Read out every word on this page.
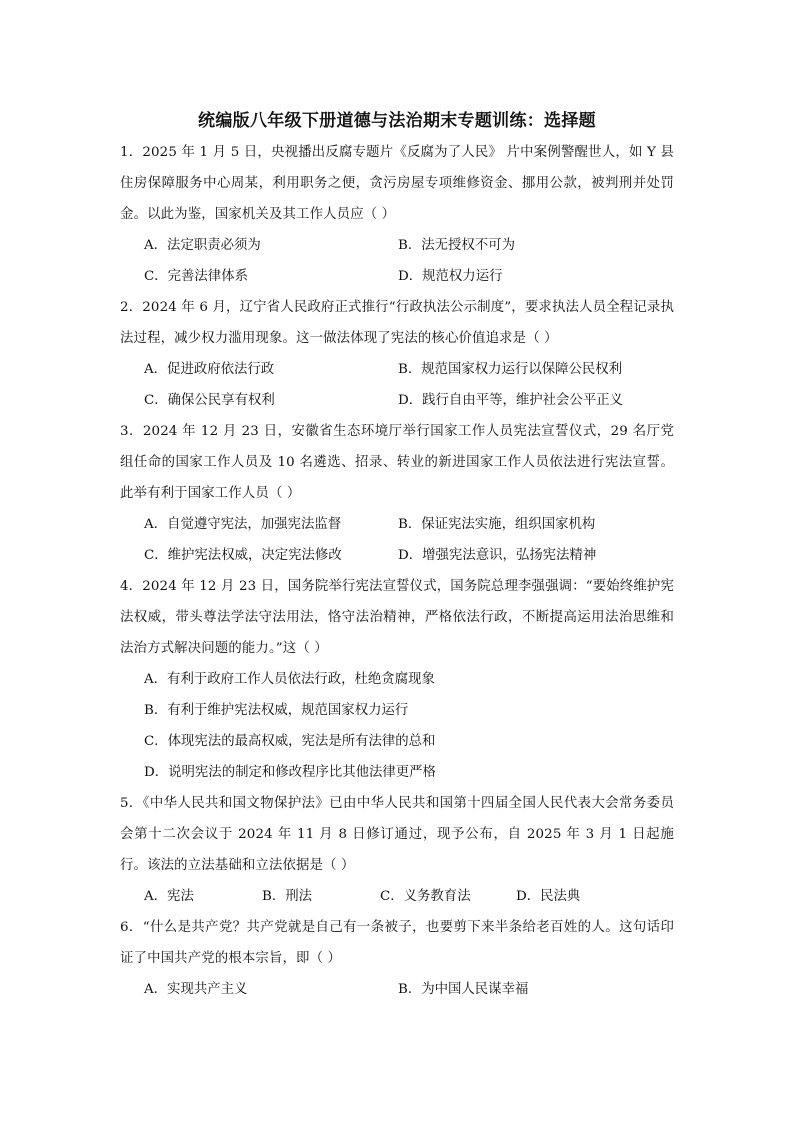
统编版八年级下册道德与法治期末专题训练：选择题
1．2025 年 1 月 5 日，央视播出反腐专题片《反腐为了人民》 片中案例警醒世人，如 Y 县住房保障服务中心周某，利用职务之便，贪污房屋专项维修资金、挪用公款，被判刑并处罚金。以此为鉴，国家机关及其工作人员应（ ）
A．法定职责必须为	B．法无授权不可为
C．完善法律体系	D．规范权力运行
2．2024 年 6 月，辽宁省人民政府正式推行“行政执法公示制度”，要求执法人员全程记录执法过程，减少权力滥用现象。这一做法体现了宪法的核心价值追求是（ ）
A．促进政府依法行政	B．规范国家权力运行以保障公民权利
C．确保公民享有权利	D．践行自由平等，维护社会公平正义
3．2024 年 12 月 23 日，安徽省生态环境厅举行国家工作人员宪法宣誓仪式，29 名厅党组任命的国家工作人员及 10 名遴选、招录、转业的新进国家工作人员依法进行宪法宣誓。此举有利于国家工作人员（ ）
A．自觉遵守宪法，加强宪法监督	B．保证宪法实施，组织国家机构
C．维护宪法权威，决定宪法修改	D．增强宪法意识，弘扬宪法精神
4．2024 年 12 月 23 日，国务院举行宪法宣誓仪式，国务院总理李强强调：“要始终维护宪法权威，带头尊法学法守法用法，恪守法治精神，严格依法行政，不断提高运用法治思维和法治方式解决问题的能力。”这（ ）
A．有利于政府工作人员依法行政，杜绝贪腐现象
B．有利于维护宪法权威，规范国家权力运行
C．体现宪法的最高权威，宪法是所有法律的总和
D．说明宪法的制定和修改程序比其他法律更严格
5．《中华人民共和国文物保护法》已由中华人民共和国第十四届全国人民代表大会常务委员会第十二次会议于 2024 年 11 月 8 日修订通过，现予公布，自 2025 年 3 月 1 日起施行。该法的立法基础和立法依据是（ ）
A．宪法	B．刑法	C．义务教育法	D．民法典
6．“什么是共产党？共产党就是自己有一条被子，也要剪下来半条给老百姓的人。这句话印证了中国共产党的根本宗旨，即（ ）
A．实现共产主义	B．为中国人民谋幸福
